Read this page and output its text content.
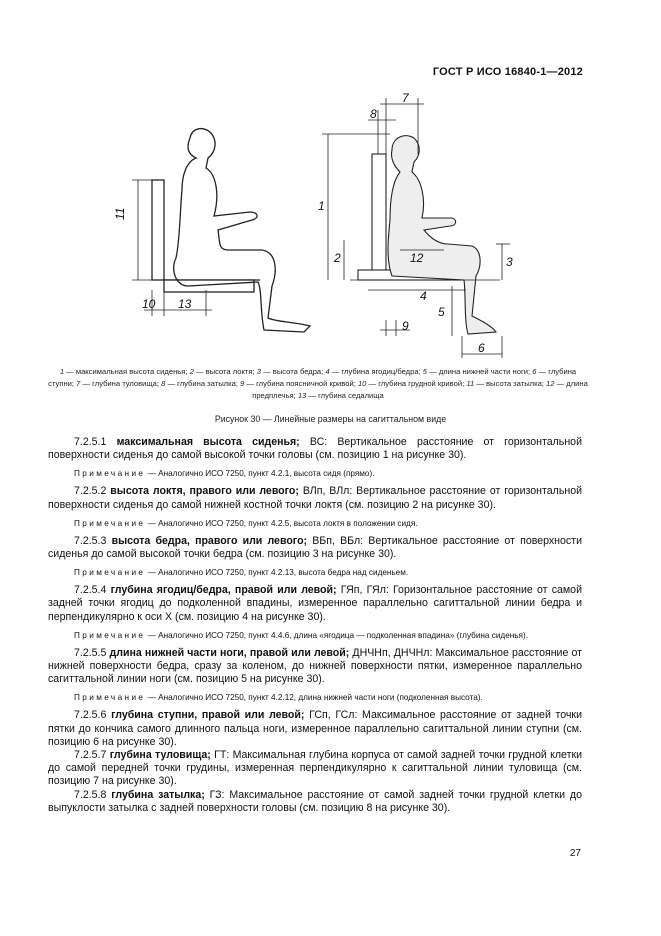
ГОСТ Р ИСО 16840-1—2012
11
10 13
1
2	3
4
5
6
7
8
9
12
1 — максимальная высота сиденья; 2 — высота локтя; 3 — высота бедра; 4 — глубина ягодиц/бедра; 5 — длина нижней части ноги; 6 — глубина ступни; 7 — глубина туловища; 8 — глубина затылка; 9 — глубина поясничной кривой; 10 — глубина грудной кривой; 11 — высота затылка; 12 — длина предплечья; 13 — глубина седалища
Рисунок 30 — Линейные размеры на сагиттальном виде

7.2.5.1 максимальная высота сиденья; ВС: Вертикальное расстояние от горизонтальной поверхности сиденья до самой высокой точки головы (см. позицию 1 на рисунке 30).

Примечание — Аналогично ИСО 7250, пункт 4.2.1, высота сидя (прямо).

7.2.5.2 высота локтя, правого или левого; ВЛп, ВЛл: Вертикальное расстояние от горизонтальной поверхности сиденья до самой нижней костной точки локтя (см. позицию 2 на рисунке 30).

Примечание — Аналогично ИСО 7250, пункт 4.2.5, высота локтя в положении сидя.

7.2.5.3 высота бедра, правого или левого; ВБп, ВБл: Вертикальное расстояние от поверхности сиденья до самой высокой точки бедра (см. позицию 3 на рисунке 30).

Примечание — Аналогично ИСО 7250, пункт 4.2.13, высота бедра над сиденьем.

7.2.5.4 глубина ягодиц/бедра, правой или левой; ГЯп, ГЯл: Горизонтальное расстояние от самой задней точки ягодиц до подколенной впадины, измеренное параллельно сагиттальной линии бедра и перпендикулярно к оси X (см. позицию 4 на рисунке 30).

Примечание — Аналогично ИСО 7250, пункт 4.4.6, длина «ягодица — подколенная впадина» (глубина сиденья).

7.2.5.5 длина нижней части ноги, правой или левой; ДНЧНп, ДНЧНл: Максимальное расстояние от нижней поверхности бедра, сразу за коленом, до нижней поверхности пятки, измеренное параллельно сагиттальной линии ноги (см. позицию 5 на рисунке 30).

Примечание — Аналогично ИСО 7250, пункт 4.2.12, длина нижней части ноги (подколенная высота).

7.2.5.6 глубина ступни, правой или левой; ГСп, ГСл: Максимальное расстояние от задней точки пятки до кончика самого длинного пальца ноги, измеренное параллельно сагиттальной линии ступни (см. позицию 6 на рисунке 30).

7.2.5.7 глубина туловища; ГТ: Максимальная глубина корпуса от самой задней точки грудной клетки до самой передней точки грудины, измеренная перпендикулярно к сагиттальной линии туловища (см. позицию 7 на рисунке 30).

7.2.5.8 глубина затылка; ГЗ: Максимальное расстояние от самой задней точки грудной клетки до выпуклости затылка с задней поверхности головы (см. позицию 8 на рисунке 30).

27
